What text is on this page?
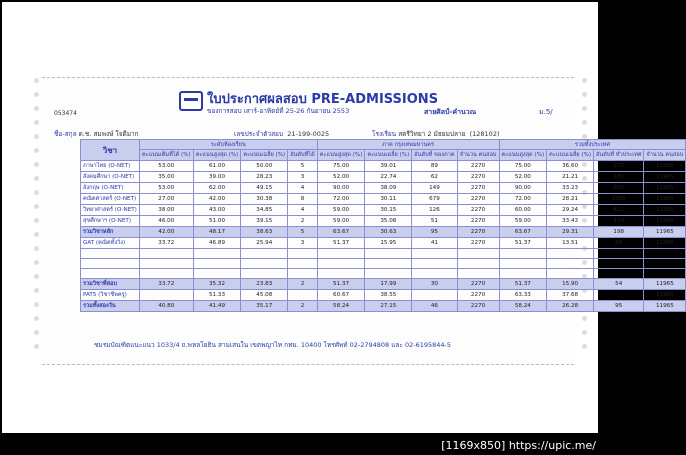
ใบประกาศผลสอบ PRE-ADMISSIONS
ของการสอบ เสาร์-อาทิตย์ที่ 25-26 กันยายน 2553
053474	สายศิลป์-คำนวณ	ม.5/
ชื่อ-สกุล ด.ช. สมพงษ์ ใจดีมาก	เลขประจำตัวสอบ 21-199-0025	โรงเรียน สตรีวิทยา 2 มัธยมปลาย (128102)
วิชา	ระดับห้องเรียน				ภาค กรุงเทพมหานคร				รวมทั้งประเทศ			
	คะแนนเต็มที่ได้ (%)	คะแนนสูงสุด (%)	คะแนนเฉลี่ย (%)	อันดับที่ได้	คะแนนสูงสุด (%)	คะแนนเฉลี่ย (%)	อันดับที่ ของภาค	จำนวน คนสอบ	คะแนนสูงสุด (%)	คะแนนเฉลี่ย (%)	อันดับที่ ทั่วประเทศ	จำนวน คนสอบ
ภาษาไทย (O-NET)	53.00	61.00	50.00	5	75.00	39.01	89	2270	75.00	36.60	272	11965
สังคมศึกษา (O-NET)	35.00	39.00	28.23	3	52.00	22.74	62	2270	52.00	21.21	181	11965
อังกฤษ (O-NET)	53.00	62.00	49.15	4	90.00	38.09	149	2270	90.00	33.23	330	11965
คณิตศาสตร์ (O-NET)	27.00	42.00	30.38	8	72.00	30.11	679	2270	72.00	28.21	3585	11965
วิทยาศาสตร์ (O-NET)	38.00	43.00	34.85	4	59.00	30.15	126	2270	60.00	29.24	412	11965
สุขศึกษาฯ (O-NET)	46.00	51.00	39.15	2	59.00	35.08	51	2270	59.00	33.43	129	11965
รวมวิชาหลัก	42.00	48.17	38.63	5	63.67	30.63	95	2270	63.67	29.31	198	11965
GAT (คณิตทั้งวิ่ง)	33.72	46.89	25.94	3	51.37	15.95	41	2270	51.37	13.51	88	11965

รวมวิชาที่สอบ	33.72	35.32	23.83	2	51.37	17.99	30	2270	51.37	15.90	54	11965
PAT5 (วิชาชีพครู)		51.33	45.08		60.67	38.55		2270	63.33	37.68		11965
รวมทั้งสองวัน	40.80	41.49	35.17	2	58.24	27.15	46	2270	58.24	26.28	95	11965
ชมรมบัณฑิตแนะแนว 1033/4 ถ.พหลโยธิน สามเสนใน เขตพญาไท กทม. 10400 โทรศัพท์ 02-2794808 และ 02-6195844-5
[1169x850] https://upic.me/
